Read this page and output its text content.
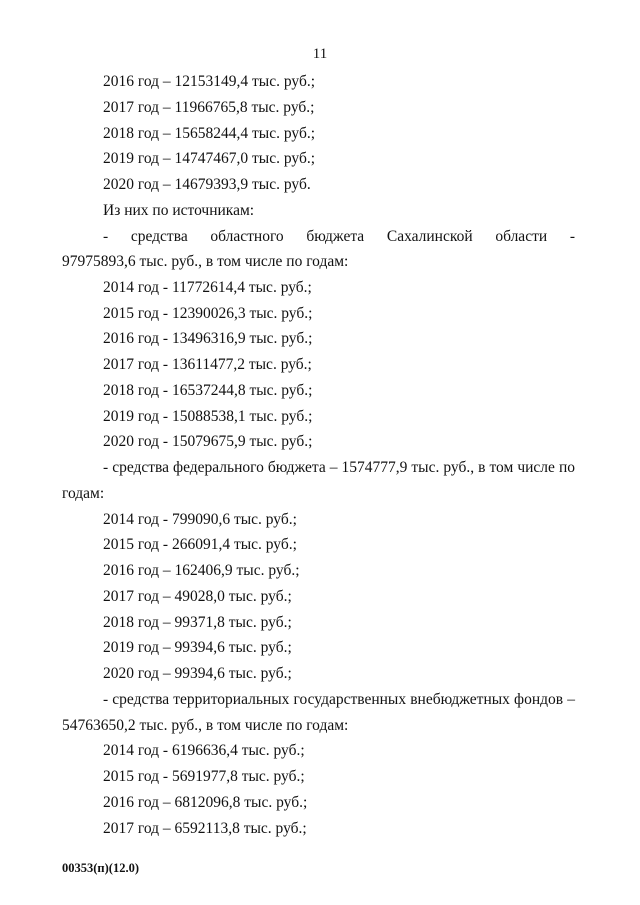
11
2016 год – 12153149,4 тыс. руб.;
2017 год – 11966765,8 тыс. руб.;
2018 год – 15658244,4 тыс. руб.;
2019 год – 14747467,0 тыс. руб.;
2020 год – 14679393,9 тыс. руб.
Из них по источникам:
- средства областного бюджета Сахалинской области -
97975893,6 тыс. руб., в том числе по годам:
2014 год - 11772614,4 тыс. руб.;
2015 год - 12390026,3 тыс. руб.;
2016 год - 13496316,9 тыс. руб.;
2017 год - 13611477,2 тыс. руб.;
2018 год - 16537244,8 тыс. руб.;
2019 год - 15088538,1 тыс. руб.;
2020 год - 15079675,9 тыс. руб.;
- средства федерального бюджета – 1574777,9 тыс. руб., в том числе по
годам:
2014 год - 799090,6 тыс. руб.;
2015 год - 266091,4 тыс. руб.;
2016 год – 162406,9 тыс. руб.;
2017 год – 49028,0 тыс. руб.;
2018 год – 99371,8 тыс. руб.;
2019 год – 99394,6 тыс. руб.;
2020 год – 99394,6 тыс. руб.;
- средства территориальных государственных внебюджетных фондов –
54763650,2 тыс. руб., в том числе по годам:
2014 год - 6196636,4 тыс. руб.;
2015 год - 5691977,8 тыс. руб.;
2016 год – 6812096,8 тыс. руб.;
2017 год – 6592113,8 тыс. руб.;
00353(п)(12.0)
